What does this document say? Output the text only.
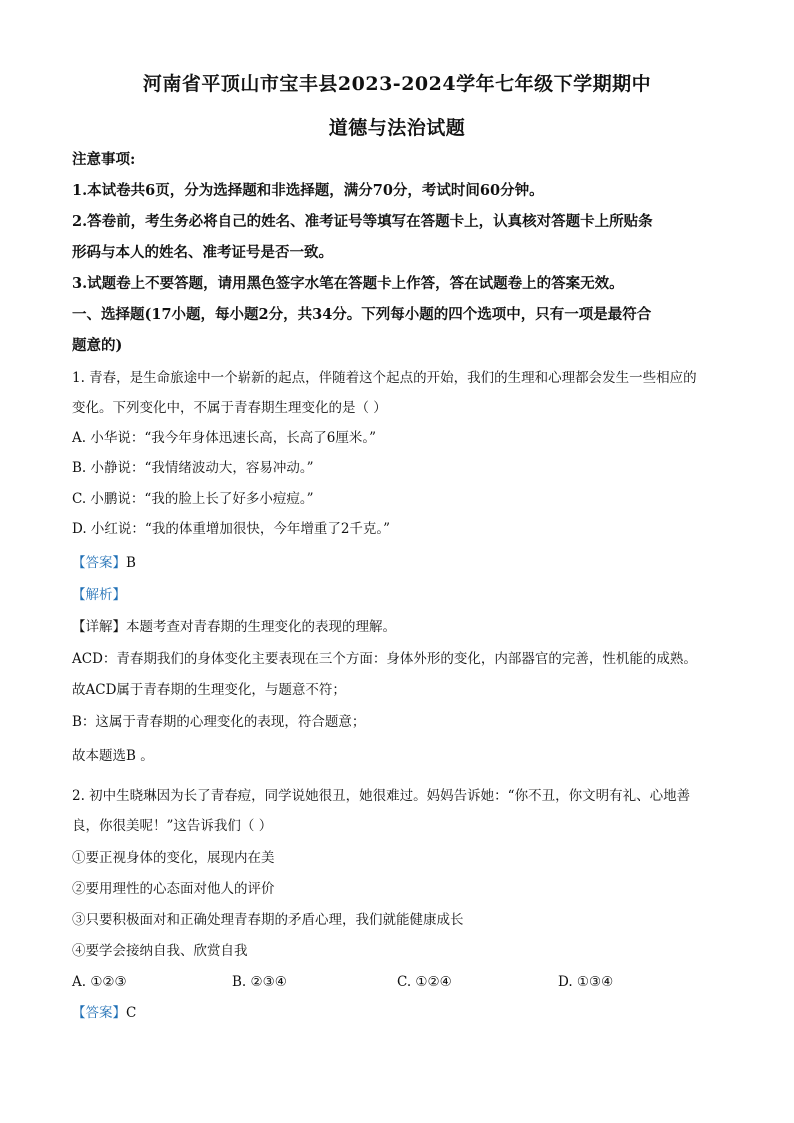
河南省平顶山市宝丰县2023-2024学年七年级下学期期中
道德与法治试题
注意事项:
1.本试卷共6页，分为选择题和非选择题，满分70分，考试时间60分钟。
2.答卷前，考生务必将自己的姓名、准考证号等填写在答题卡上，认真核对答题卡上所贴条
形码与本人的姓名、准考证号是否一致。
3.试题卷上不要答题，请用黑色签字水笔在答题卡上作答，答在试题卷上的答案无效。
一、选择题(17小题，每小题2分，共34分。下列每小题的四个选项中，只有一项是最符合
题意的)
1. 青春，是生命旅途中一个崭新的起点，伴随着这个起点的开始，我们的生理和心理都会发生一些相应的
变化。下列变化中，不属于青春期生理变化的是（ ）
A. 小华说：“我今年身体迅速长高，长高了6厘米。”
B. 小静说：“我情绪波动大，容易冲动。”
C. 小鹏说：“我的脸上长了好多小痘痘。”
D. 小红说：“我的体重增加很快，今年增重了2千克。”
【答案】B
【解析】
【详解】本题考查对青春期的生理变化的表现的理解。
ACD：青春期我们的身体变化主要表现在三个方面：身体外形的变化，内部器官的完善，性机能的成熟。
故ACD属于青春期的生理变化，与题意不符；
B：这属于青春期的心理变化的表现，符合题意；
故本题选B 。
2. 初中生晓琳因为长了青春痘，同学说她很丑，她很难过。妈妈告诉她：“你不丑，你文明有礼、心地善
良，你很美呢！”这告诉我们（ ）
①要正视身体的变化，展现内在美
②要用理性的心态面对他人的评价
③只要积极面对和正确处理青春期的矛盾心理，我们就能健康成长
④要学会接纳自我、欣赏自我
A. ①②③	B. ②③④	C. ①②④	D. ①③④
【答案】C
